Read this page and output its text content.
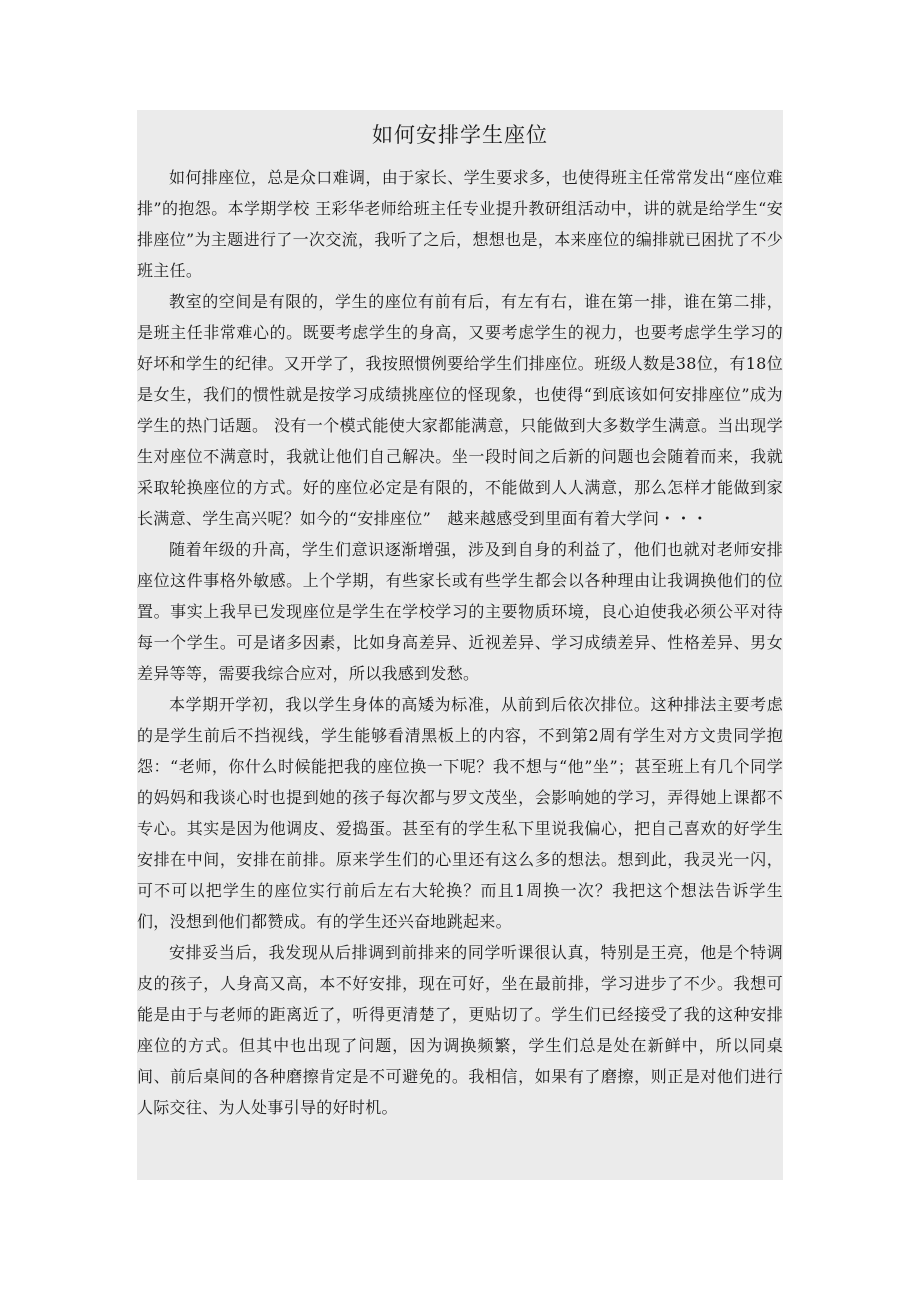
如何安排学生座位

如何排座位，总是众口难调，由于家长、学生要求多，也使得班主任常常发出“座位难排”的抱怨。本学期学校 王彩华老师给班主任专业提升教研组活动中，讲的就是给学生“安排座位”为主题进行了一次交流，我听了之后，想想也是，本来座位的编排就已困扰了不少班主任。

教室的空间是有限的，学生的座位有前有后，有左有右，谁在第一排，谁在第二排，是班主任非常难心的。既要考虑学生的身高，又要考虑学生的视力，也要考虑学生学习的好坏和学生的纪律。又开学了，我按照惯例要给学生们排座位。班级人数是38位，有18位是女生，我们的惯性就是按学习成绩挑座位的怪现象，也使得“到底该如何安排座位”成为学生的热门话题。 没有一个模式能使大家都能满意，只能做到大多数学生满意。当出现学生对座位不满意时，我就让他们自己解决。坐一段时间之后新的问题也会随着而来，我就采取轮换座位的方式。好的座位必定是有限的，不能做到人人满意，那么怎样才能做到家长满意、学生高兴呢？如今的“安排座位”　越来越感受到里面有着大学问・・・

随着年级的升高，学生们意识逐渐增强，涉及到自身的利益了，他们也就对老师安排座位这件事格外敏感。上个学期，有些家长或有些学生都会以各种理由让我调换他们的位置。事实上我早已发现座位是学生在学校学习的主要物质环境，良心迫使我必须公平对待每一个学生。可是诸多因素，比如身高差异、近视差异、学习成绩差异、性格差异、男女差异等等，需要我综合应对，所以我感到发愁。

本学期开学初，我以学生身体的高矮为标准，从前到后依次排位。这种排法主要考虑的是学生前后不挡视线，学生能够看清黑板上的内容，不到第2周有学生对方文贵同学抱怨：“老师，你什么时候能把我的座位换一下呢？我不想与“他”坐”；甚至班上有几个同学的妈妈和我谈心时也提到她的孩子每次都与罗文茂坐，会影响她的学习，弄得她上课都不专心。其实是因为他调皮、爱捣蛋。甚至有的学生私下里说我偏心，把自己喜欢的好学生安排在中间，安排在前排。原来学生们的心里还有这么多的想法。想到此，我灵光一闪，可不可以把学生的座位实行前后左右大轮换？而且1周换一次？我把这个想法告诉学生们，没想到他们都赞成。有的学生还兴奋地跳起来。

安排妥当后，我发现从后排调到前排来的同学听课很认真，特别是王亮，他是个特调皮的孩子，人身高又高，本不好安排，现在可好，坐在最前排，学习进步了不少。我想可能是由于与老师的距离近了，听得更清楚了，更贴切了。学生们已经接受了我的这种安排座位的方式。但其中也出现了问题，因为调换频繁，学生们总是处在新鲜中，所以同桌间、前后桌间的各种磨擦肯定是不可避免的。我相信，如果有了磨擦，则正是对他们进行人际交往、为人处事引导的好时机。
